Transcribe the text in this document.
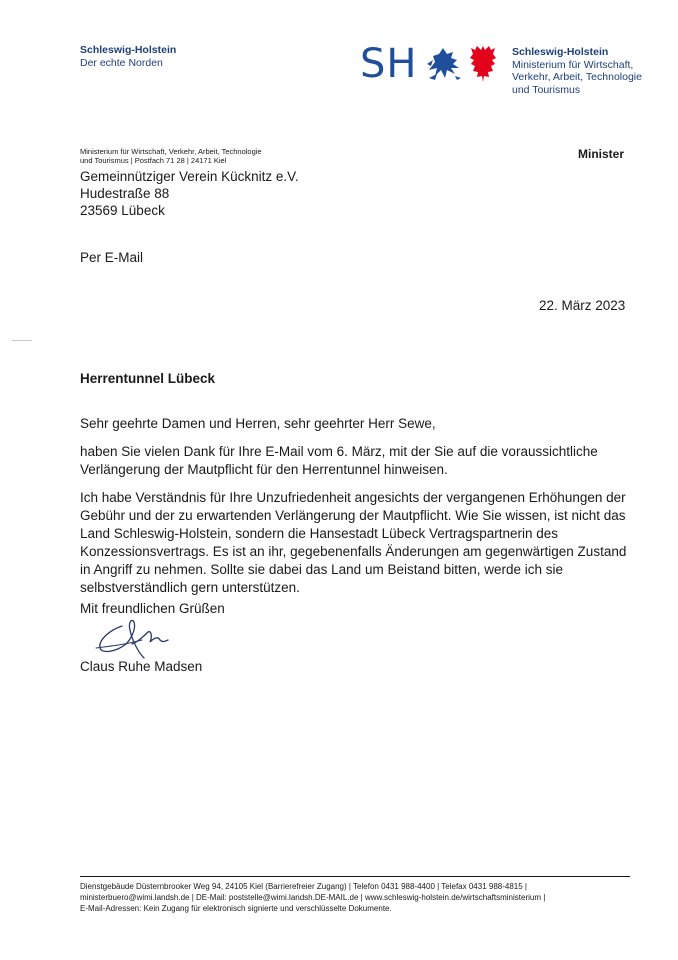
Schleswig-Holstein
Der echte Norden	SH	Schleswig-Holstein
Ministerium für Wirtschaft,
Verkehr, Arbeit, Technologie
und Tourismus
Ministerium für Wirtschaft, Verkehr, Arbeit, Technologie
und Tourismus | Postfach 71 28 | 24171 Kiel	Minister
Gemeinnütziger Verein Kücknitz e.V.
Hudestraße 88
23569 Lübeck
Per E-Mail
22. März 2023
Herrentunnel Lübeck

Sehr geehrte Damen und Herren, sehr geehrter Herr Sewe,

haben Sie vielen Dank für Ihre E-Mail vom 6. März, mit der Sie auf die voraussichtliche Verlängerung der Mautpflicht für den Herrentunnel hinweisen.

Ich habe Verständnis für Ihre Unzufriedenheit angesichts der vergangenen Erhöhungen der Gebühr und der zu erwartenden Verlängerung der Mautpflicht. Wie Sie wissen, ist nicht das Land Schleswig-Holstein, sondern die Hansestadt Lübeck Vertragspartnerin des Konzessionsvertrags. Es ist an ihr, gegebenenfalls Änderungen am gegenwärtigen Zustand in Angriff zu nehmen. Sollte sie dabei das Land um Beistand bitten, werde ich sie selbstverständlich gern unterstützen.

Mit freundlichen Grüßen
Claus Ruhe Madsen
Dienstgebäude Düsternbrooker Weg 94, 24105 Kiel (Barrierefreier Zugang) | Telefon 0431 988-4400 | Telefax 0431 988-4815 |
ministerbuero@wimi.landsh.de | DE-Mail: poststelle@wimi.landsh.DE-MAIL.de | www.schleswig-holstein.de/wirtschaftsministerium |
E-Mail-Adressen: Kein Zugang für elektronisch signierte und verschlüsselte Dokumente.
